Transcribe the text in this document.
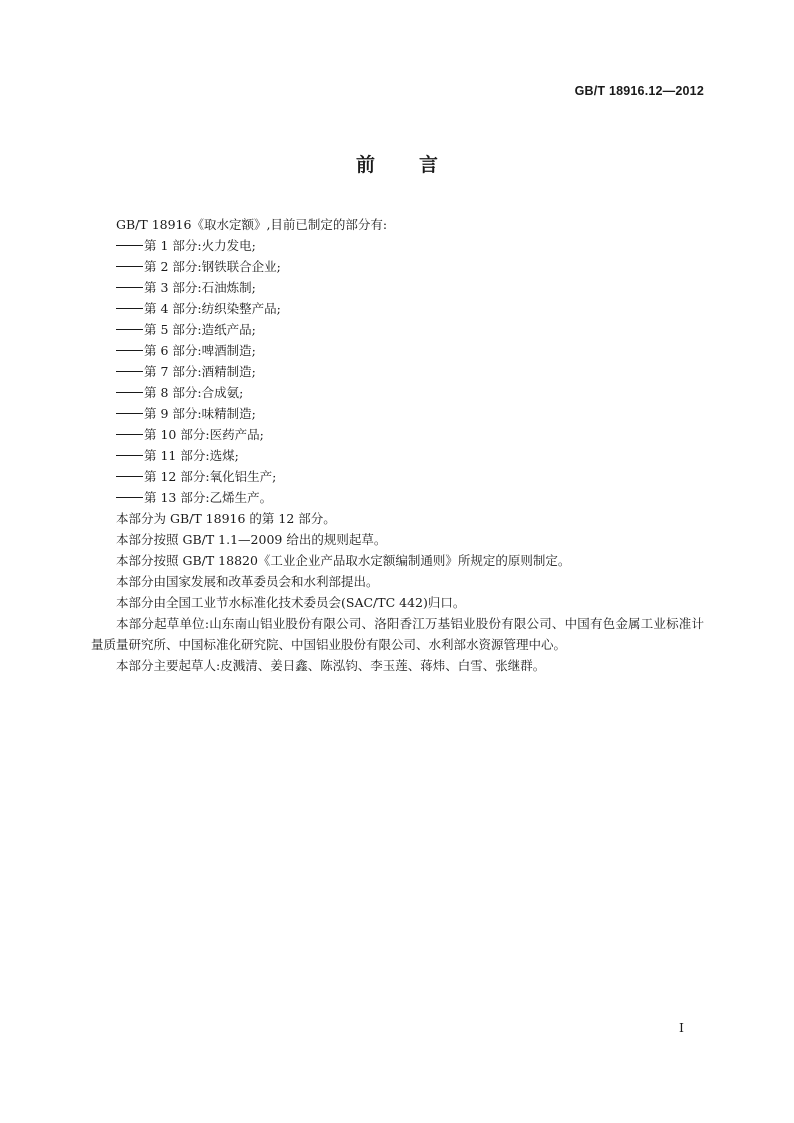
GB/T 18916.12—2012
前言

GB/T 18916《取水定额》,目前已制定的部分有:

第 1 部分:火力发电;

第 2 部分:钢铁联合企业;

第 3 部分:石油炼制;

第 4 部分:纺织染整产品;

第 5 部分:造纸产品;

第 6 部分:啤酒制造;

第 7 部分:酒精制造;

第 8 部分:合成氨;

第 9 部分:味精制造;

第 10 部分:医药产品;

第 11 部分:选煤;

第 12 部分:氧化铝生产;

第 13 部分:乙烯生产。

本部分为 GB/T 18916 的第 12 部分。

本部分按照 GB/T 1.1—2009 给出的规则起草。

本部分按照 GB/T 18820《工业企业产品取水定额编制通则》所规定的原则制定。

本部分由国家发展和改革委员会和水利部提出。

本部分由全国工业节水标准化技术委员会(SAC/TC 442)归口。

本部分起草单位:山东南山铝业股份有限公司、洛阳香江万基铝业股份有限公司、中国有色金属工业标准计量质量研究所、中国标准化研究院、中国铝业股份有限公司、水利部水资源管理中心。

本部分主要起草人:皮溅清、姜日鑫、陈泓钧、李玉莲、蒋炜、白雪、张继群。

I
